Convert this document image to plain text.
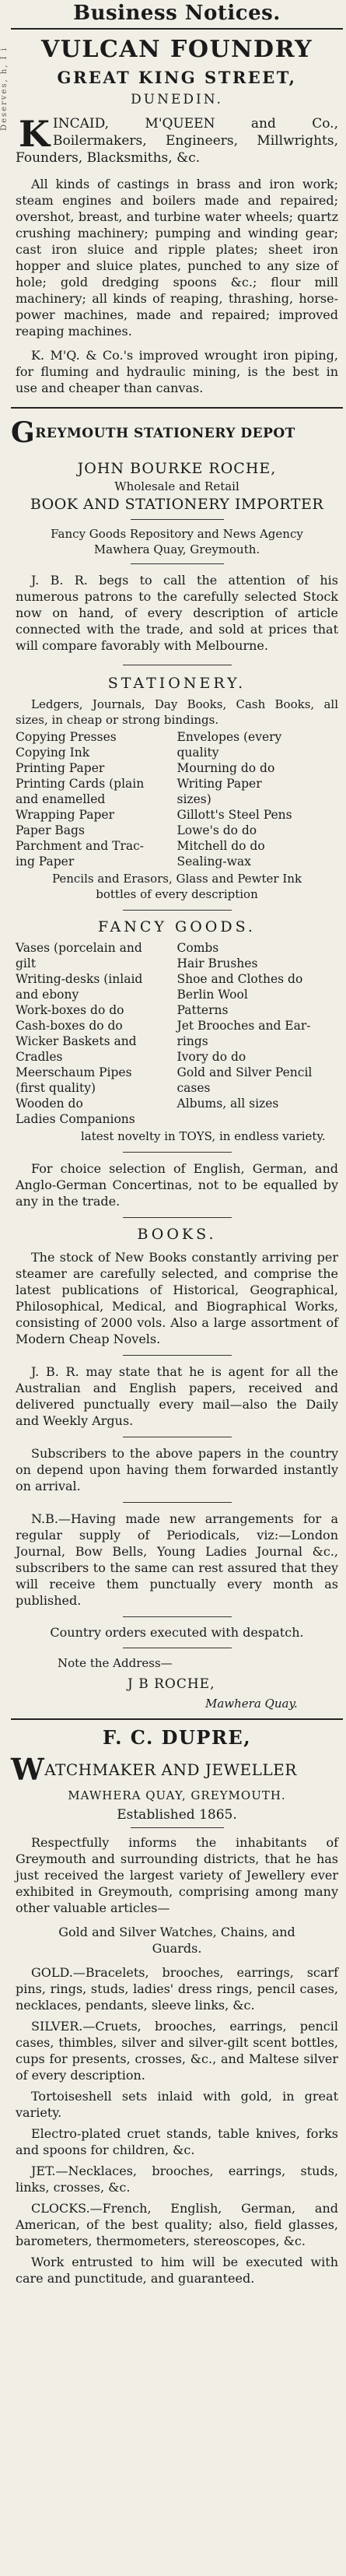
Deserves, h, I i
Business Notices.
VULCAN FOUNDRY
GREAT KING STREET,
DUNEDIN.
K INCAID, M'QUEEN and Co., Boilermakers, Engineers, Millwrights, Founders, Blacksmiths, &c.
All kinds of castings in brass and iron work; steam engines and boilers made and repaired; overshot, breast, and turbine water wheels; quartz crushing machinery; pumping and winding gear; cast iron sluice and ripple plates; sheet iron hopper and sluice plates, punched to any size of hole; gold dredging spoons &c.; flour mill machinery; all kinds of reaping, thrashing, horse-power machines, made and repaired; improved reaping machines.
K. M'Q. & Co.'s improved wrought iron piping, for fluming and hydraulic mining, is the best in use and cheaper than canvas.
GREYMOUTH STATIONERY DEPOT
JOHN BOURKE ROCHE,
Wholesale and Retail
BOOK AND STATIONERY IMPORTER
Fancy Goods Repository and News Agency
Mawhera Quay, Greymouth.
J. B. R. begs to call the attention of his numerous patrons to the carefully selected Stock now on hand, of every description of article connected with the trade, and sold at prices that will compare favorably with Melbourne.
STATIONERY.
Ledgers, Journals, Day Books, Cash Books, all sizes, in cheap or strong bindings.
Copying Presses
Copying Ink
Printing Paper
Printing Cards (plain
and enamelled
Wrapping Paper
Paper Bags
Parchment and Trac-
ing Paper
Envelopes (every
quality
Mourning do do
Writing Paper
sizes)
Gillott's Steel Pens
Lowe's do do
Mitchell do do
Sealing-wax
Pencils and Erasors, Glass and Pewter Ink
bottles of every description
FANCY GOODS.
Vases (porcelain and
gilt
Writing-desks (inlaid
and ebony
Work-boxes do do
Cash-boxes do do
Wicker Baskets and
Cradles
Meerschaum Pipes
(first quality)
Wooden do
Ladies Companions
Combs
Hair Brushes
Shoe and Clothes do
Berlin Wool
Patterns
Jet Brooches and Ear-
rings
Ivory do do
Gold and Silver Pencil
cases
Albums, all sizes
latest novelty in TOYS, in endless variety.
For choice selection of English, German, and Anglo-German Concertinas, not to be equalled by any in the trade.
BOOKS.
The stock of New Books constantly arriving per steamer are carefully selected, and comprise the latest publications of Historical, Geographical, Philosophical, Medical, and Biographical Works, consisting of 2000 vols. Also a large assortment of Modern Cheap Novels.
J. B. R. may state that he is agent for all the Australian and English papers, received and delivered punctually every mail—also the Daily and Weekly Argus.
Subscribers to the above papers in the country on depend upon having them forwarded instantly on arrival.
N.B.—Having made new arrangements for a regular supply of Periodicals, viz:—London Journal, Bow Bells, Young Ladies Journal &c., subscribers to the same can rest assured that they will receive them punctually every month as published.
Country orders executed with despatch.
Note the Address—
J B ROCHE,
Mawhera Quay.
F. C. DUPRE,
WATCHMAKER AND JEWELLER
MAWHERA QUAY, GREYMOUTH.
Established 1865.
Respectfully informs the inhabitants of Greymouth and surrounding districts, that he has just received the largest variety of Jewellery ever exhibited in Greymouth, comprising among many other valuable articles—
Gold and Silver Watches, Chains, and Guards.
GOLD.—Bracelets, brooches, earrings, scarf pins, rings, studs, ladies' dress rings, pencil cases, necklaces, pendants, sleeve links, &c.
SILVER.—Cruets, brooches, earrings, pencil cases, thimbles, silver and silver-gilt scent bottles, cups for presents, crosses, &c., and Maltese silver of every description.
Tortoiseshell sets inlaid with gold, in great variety.
Electro-plated cruet stands, table knives, forks and spoons for children, &c.
JET.—Necklaces, brooches, earrings, studs, links, crosses, &c.
CLOCKS.—French, English, German, and American, of the best quality; also, field glasses, barometers, thermometers, stereoscopes, &c.
Work entrusted to him will be executed with care and punctitude, and guaranteed.
